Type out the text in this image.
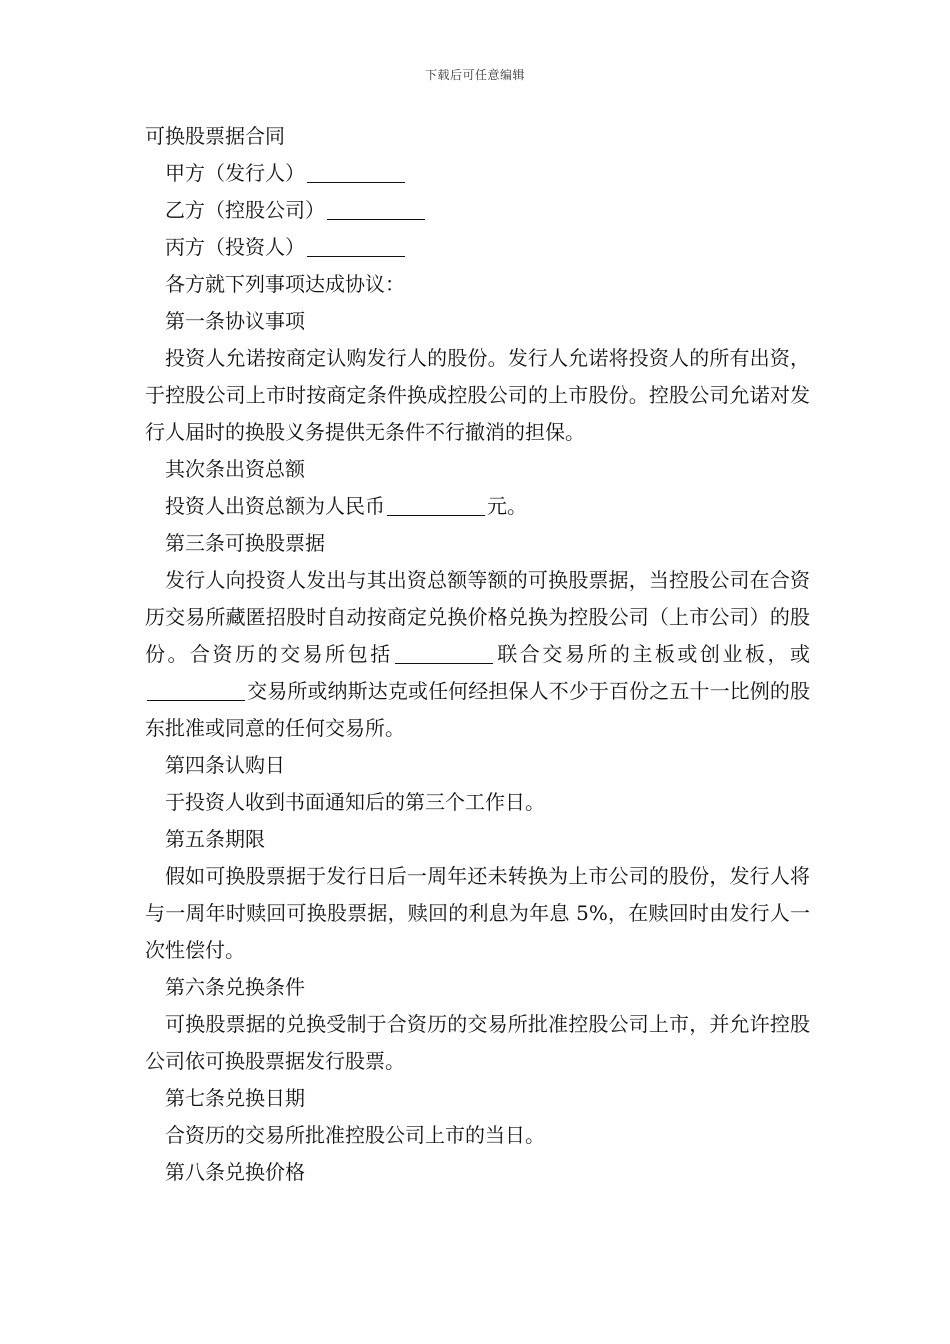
下载后可任意编辑

可换股票据合同

甲方（发行人）

乙方（控股公司）

丙方（投资人）

各方就下列事项达成协议：

第一条协议事项

投资人允诺按商定认购发行人的股份。发行人允诺将投资人的所有出资，于控股公司上市时按商定条件换成控股公司的上市股份。控股公司允诺对发行人届时的换股义务提供无条件不行撤消的担保。

其次条出资总额

投资人出资总额为人民币	元。

第三条可换股票据

发行人向投资人发出与其出资总额等额的可换股票据，当控股公司在合资历交易所藏匿招股时自动按商定兑换价格兑换为控股公司（上市公司）的股份。合资历的交易所包括	联合交易所的主板或创业板，或交易所或纳斯达克或任何经担保人不少于百份之五十一比例的股东批准或同意的任何交易所。

第四条认购日

于投资人收到书面通知后的第三个工作日。

第五条期限

假如可换股票据于发行日后一周年还未转换为上市公司的股份，发行人将与一周年时赎回可换股票据，赎回的利息为年息 5%，在赎回时由发行人一次性偿付。

第六条兑换条件

可换股票据的兑换受制于合资历的交易所批准控股公司上市，并允许控股公司依可换股票据发行股票。

第七条兑换日期

合资历的交易所批准控股公司上市的当日。

第八条兑换价格
